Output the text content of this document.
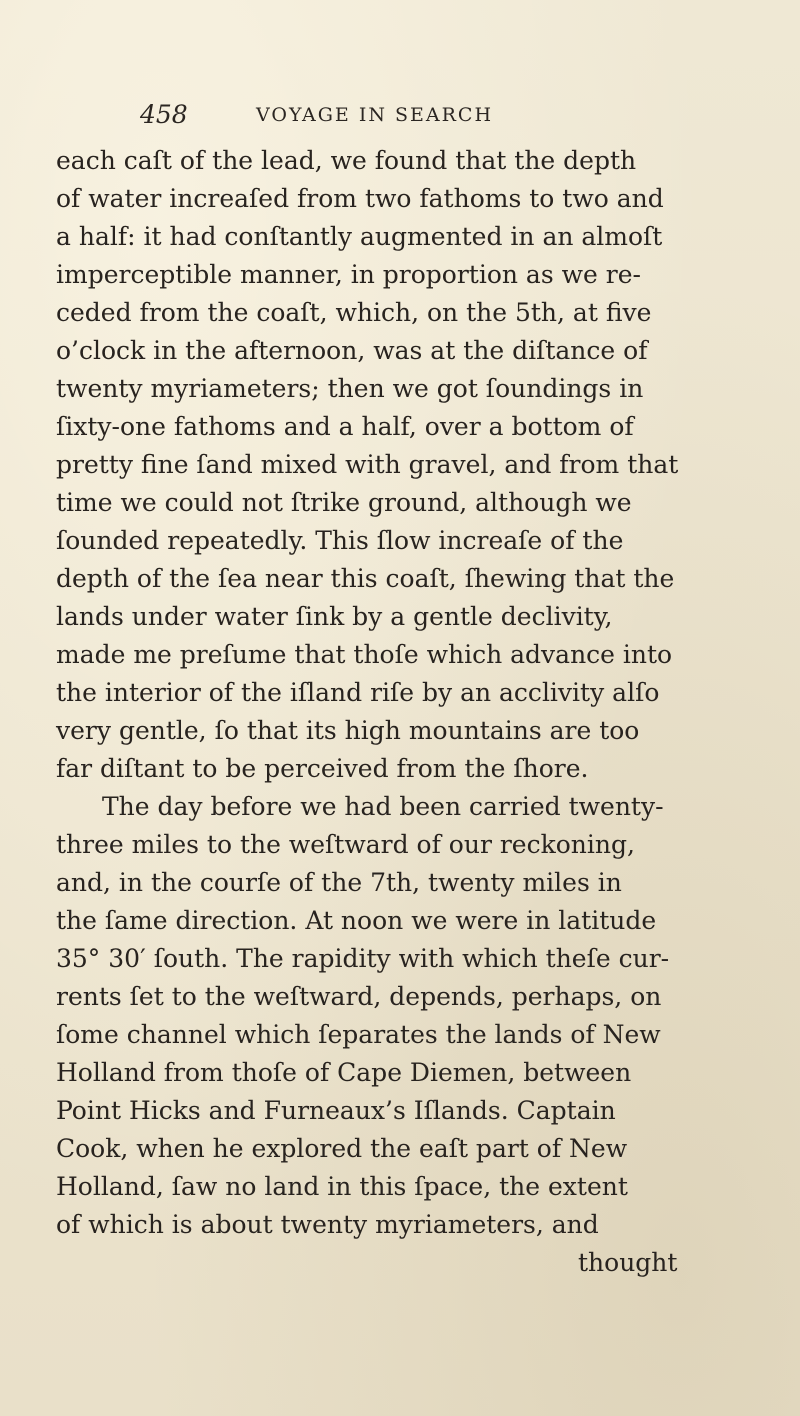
458	VOYAGE IN SEARCH
each caſt of the lead, we found that the depth
of water increaſed from two fathoms to two and
a half: it had conſtantly augmented in an almoſt
imperceptible manner, in proportion as we re-
ceded from the coaſt, which, on the 5th, at five
o’clock in the afternoon, was at the diſtance of
twenty myriameters; then we got ſoundings in
ſixty-one fathoms and a half, over a bottom of
pretty fine ſand mixed with gravel, and from that
time we could not ſtrike ground, although we
ſounded repeatedly. This ſlow increaſe of the
depth of the ſea near this coaſt, ſhewing that the
lands under water ſink by a gentle declivity,
made me preſume that thoſe which advance into
the interior of the iſland riſe by an acclivity alſo
very gentle, ſo that its high mountains are too
far diſtant to be perceived from the ſhore.
The day before we had been carried twenty-
three miles to the weſtward of our reckoning,
and, in the courſe of the 7th, twenty miles in
the ſame direction. At noon we were in latitude
35° 30′ ſouth. The rapidity with which theſe cur-
rents ſet to the weſtward, depends, perhaps, on
ſome channel which ſeparates the lands of New
Holland from thoſe of Cape Diemen, between
Point Hicks and Furneaux’s Iſlands. Captain
Cook, when he explored the eaſt part of New
Holland, ſaw no land in this ſpace, the extent
of which is about twenty myriameters, and
thought
